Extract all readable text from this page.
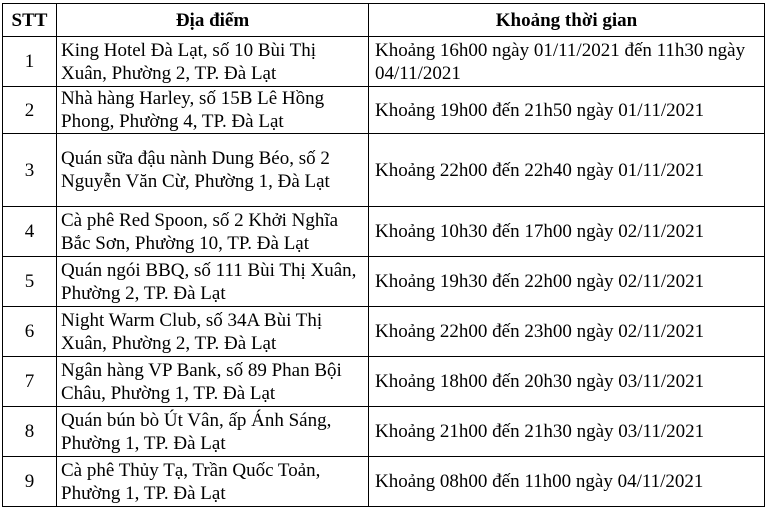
STT	Địa điểm	Khoảng thời gian
1	King Hotel Đà Lạt, số 10 Bùi Thị Xuân, Phường 2, TP. Đà Lạt	Khoảng 16h00 ngày 01/11/2021 đến 11h30 ngày 04/11/2021
2	Nhà hàng Harley, số 15B Lê Hồng Phong, Phường 4, TP. Đà Lạt	Khoảng 19h00 đến 21h50 ngày 01/11/2021
3	Quán sữa đậu nành Dung Béo, số 2 Nguyễn Văn Cừ, Phường 1, Đà Lạt	Khoảng 22h00 đến 22h40 ngày 01/11/2021
4	Cà phê Red Spoon, số 2 Khởi Nghĩa Bắc Sơn, Phường 10, TP. Đà Lạt	Khoảng 10h30 đến 17h00 ngày 02/11/2021
5	Quán ngói BBQ, số 111 Bùi Thị Xuân, Phường 2, TP. Đà Lạt	Khoảng 19h30 đến 22h00 ngày 02/11/2021
6	Night Warm Club, số 34A Bùi Thị Xuân, Phường 2, TP. Đà Lạt	Khoảng 22h00 đến 23h00 ngày 02/11/2021
7	Ngân hàng VP Bank, số 89 Phan Bội Châu, Phường 1, TP. Đà Lạt	Khoảng 18h00 đến 20h30 ngày 03/11/2021
8	Quán bún bò Út Vân, ấp Ánh Sáng, Phường 1, TP. Đà Lạt	Khoảng 21h00 đến 21h30 ngày 03/11/2021
9	Cà phê Thủy Tạ, Trần Quốc Toản, Phường 1, TP. Đà Lạt	Khoảng 08h00 đến 11h00 ngày 04/11/2021
